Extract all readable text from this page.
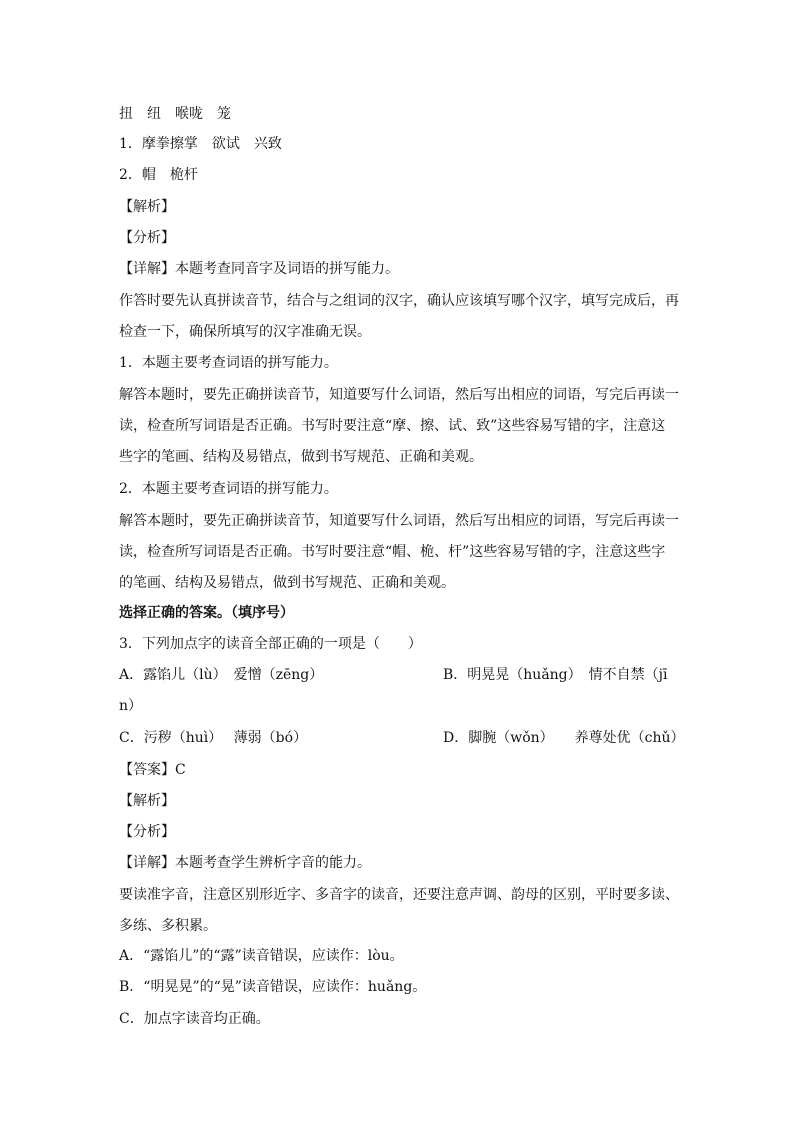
扭　纽　喉咙　笼
1．摩拳擦掌　欲试　兴致
2．帽　桅杆
【解析】
【分析】
【详解】本题考查同音字及词语的拼写能力。
作答时要先认真拼读音节，结合与之组词的汉字，确认应该填写哪个汉字，填写完成后，再检查一下，确保所填写的汉字准确无误。
1．本题主要考查词语的拼写能力。
解答本题时，要先正确拼读音节，知道要写什么词语，然后写出相应的词语，写完后再读一读，检查所写词语是否正确。书写时要注意“摩、擦、试、致”这些容易写错的字，注意这些字的笔画、结构及易错点，做到书写规范、正确和美观。
2．本题主要考查词语的拼写能力。
解答本题时，要先正确拼读音节，知道要写什么词语，然后写出相应的词语，写完后再读一读，检查所写词语是否正确。书写时要注意“帽、桅、杆”这些容易写错的字，注意这些字的笔画、结构及易错点，做到书写规范、正确和美观。
选择正确的答案。（填序号）
3．下列加点字的读音全部正确的一项是（　　）
A．露馅儿（lù）　爱憎（zēng）	B．明晃晃（huǎng）　情不自禁（jī
n）
C．污秽（huì）　 薄弱（bó）	D．脚腕（wǒn）　　养尊处优（chǔ）
【答案】C
【解析】
【分析】
【详解】本题考查学生辨析字音的能力。
要读准字音，注意区别形近字、多音字的读音，还要注意声调、韵母的区别，平时要多读、多练、多积累。
A．“露馅儿”的“露”读音错误，应读作：lòu。
B．“明晃晃”的“晃”读音错误，应读作：huǎng。
C．加点字读音均正确。
